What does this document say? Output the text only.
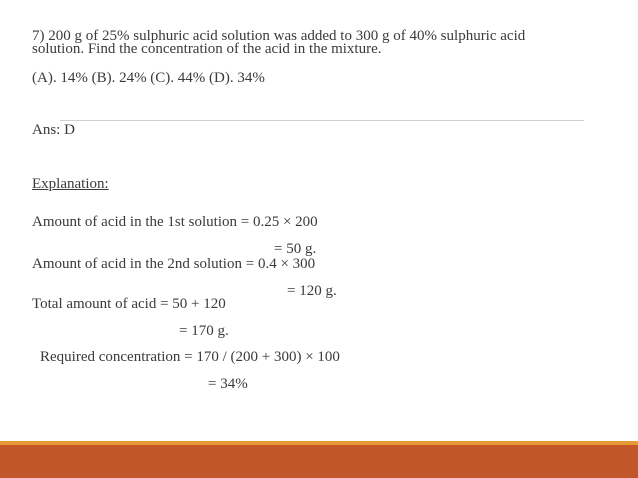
7) 200 g of 25% sulphuric acid solution was added to 300 g of 40% sulphuric acid
solution. Find the concentration of the acid in the mixture.
(A). 14% (B). 24% (C). 44% (D). 34%
Ans: D
Explanation:
Amount of acid in the 1st solution = 0.25 × 200
= 50 g.
Amount of acid in the 2nd solution = 0.4 × 300
= 120 g.
Total amount of acid = 50 + 120
= 170 g.
Required concentration = 170 / (200 + 300) × 100
= 34%
